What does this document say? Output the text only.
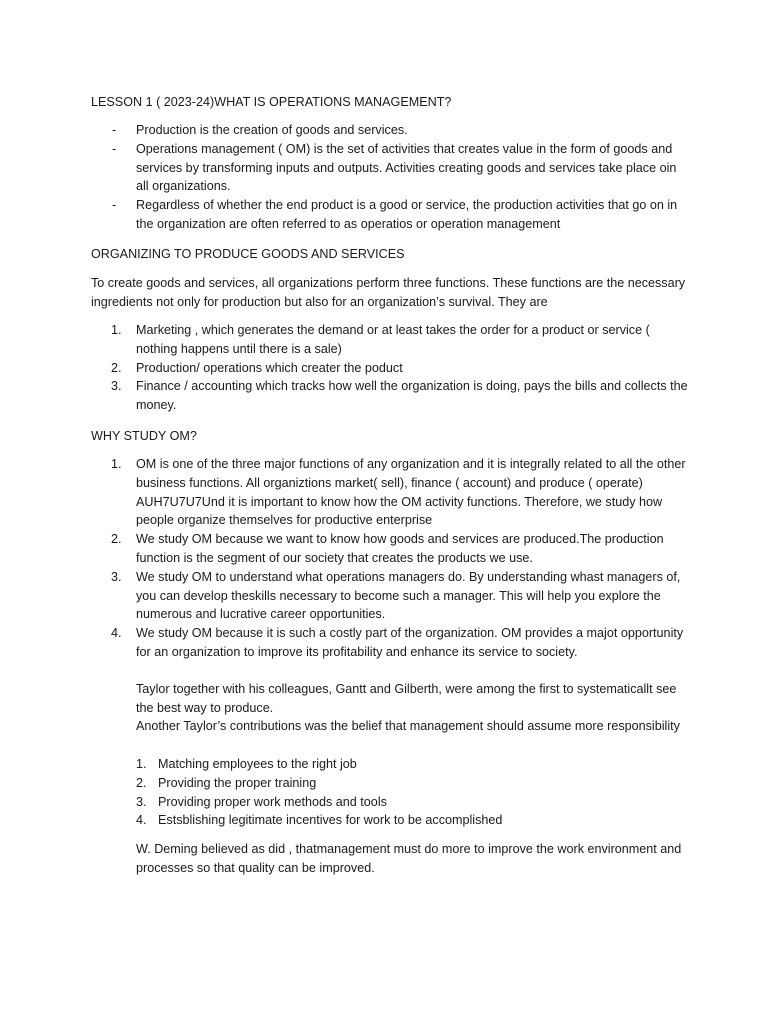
LESSON 1 ( 2023-24)WHAT IS OPERATIONS MANAGEMENT?

- Production is the creation of goods and services.
- Operations management ( OM) is the set of activities that creates value in the form of goods and services by transforming inputs and outputs. Activities creating goods and services take place oin all organizations.
- Regardless of whether the end product is a good or service, the production activities that go on in the organization are often referred to as operatios or operation management

ORGANIZING TO PRODUCE GOODS AND SERVICES

To create goods and services, all organizations perform three functions. These functions are the necessary ingredients not only for production but also for an organization’s survival. They are

1. Marketing , which generates the demand or at least takes the order for a product or service ( nothing happens until there is a sale)
2. Production/ operations which creater the poduct
3. Finance / accounting which tracks how well the organization is doing, pays the bills and collects the money.

WHY STUDY OM?

1. OM is one of the three major functions of any organization and it is integrally related to all the other business functions. All organiztions market( sell), finance ( account) and produce ( operate) AUH7U7U7Und it is important to know how the OM activity functions. Therefore, we study how people organize themselves for productive enterprise
2. We study OM because we want to know how goods and services are produced.The production function is the segment of our society that creates the products we use.
3. We study OM to understand what operations managers do. By understanding whast managers of, you can develop theskills necessary to become such a manager. This will help you explore the numerous and lucrative career opportunities.
4. We study OM because it is such a costly part of the organization. OM provides a majot opportunity for an organization to improve its profitability and enhance its service to society.

Taylor together with his colleagues, Gantt and Gilberth, were among the first to systematicallt see the best way to produce.

Another Taylor’s contributions was the belief that management should assume more responsibility

1. Matching employees to the right job
2. Providing the proper training
3. Providing proper work methods and tools
4. Estsblishing legitimate incentives for work to be accomplished

W. Deming believed as did , thatmanagement must do more to improve the work environment and processes so that quality can be improved.
